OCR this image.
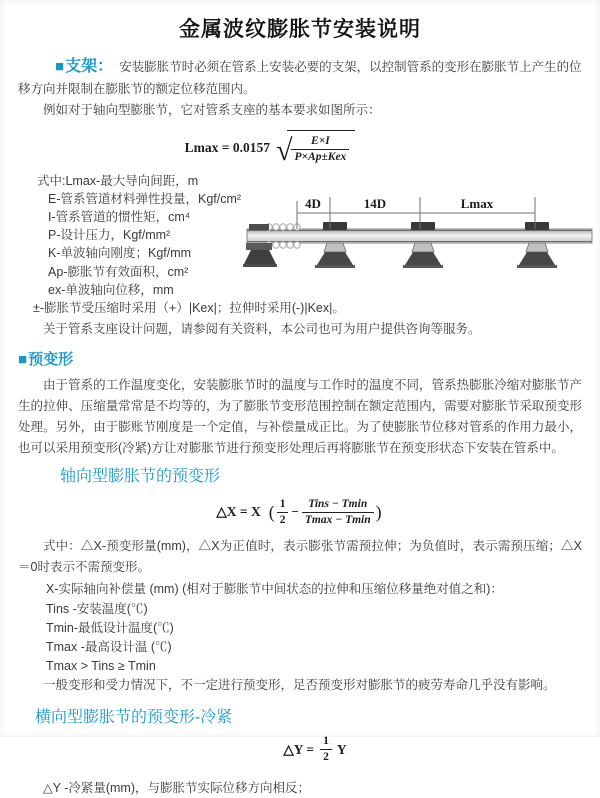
金属波纹膨胀节安装说明

■支架： 安装膨胀节时必须在管系上安装必要的支架，以控制管系的变形在膨胀节上产生的位移方向并限制在膨胀节的额定位移范围内。

例如对于轴向型膨胀节，它对管系支座的基本要求如图所示：

Lmax = 0.0157 √ $\frac{E\times I}{\text{P×Ap±Kex}}$
式中:Lmax-最大导向间距，m
E-管系管道材料弹性投量，Kgf/cm²
I-管系管道的惯性矩，cm⁴
P-设计压力，Kgf/mm²
K-单波轴向刚度；Kgf/mm
Ap-膨胀节有效面积，cm²
ex-单波轴向位移，mm
±-膨胀节受压缩时采用（+）|Kex|；拉伸时采用(-)|Kex|。

关于管系支座设计问题，请参阅有关资料，本公司也可为用户提供咨询等服务。

4D	14D	Lmax

■预变形

由于管系的工作温度变化，安装膨胀节时的温度与工作时的温度不同，管系热膨胀冷缩对膨胀节产生的拉伸、压缩量常常是不均等的，为了膨胀节变形范围控制在额定范围内，需要对膨胀节采取预变形处理。另外，由于膨账节刚度是一个定值，与补偿量成正比。为了使膨胀节位移对管系的作用力最小，也可以采用预变形(冷紧)方让对膨胀节进行预变形处理后再将膨胀节在预变形状态下安装在管系中。

轴向型膨胀节的预变形
△X = X ( $\frac{1}{2} - \frac{\text{Tins − Tmin}}{Tmax - Tmin}$ )

式中：△X-预变形量(mm)，△X为正值时，表示膨张节需预拉伸；为负值时，表示需预压缩；△X＝0时表示不需预变形。

X-实际轴向补偿量 (mm) (相对于膨胀节中间状态的拉伸和压缩位移量绝对值之和)：
Tins -安装温度(℃)
Tmin-最低设计温度(℃)
Tmax -最高设计温 (℃)
Tmax > Tins ≥ Tmin

一般变形和受力情况下，不一定进行预变形，足否预变形对膨胀节的疲劳寿命几乎没有影响。

横向型膨胀节的预变形-冷紧
△Y = $\frac{1}{2}$ Y

△Y -冷紧量(mm)，与膨胀节实际位移方向相反；
